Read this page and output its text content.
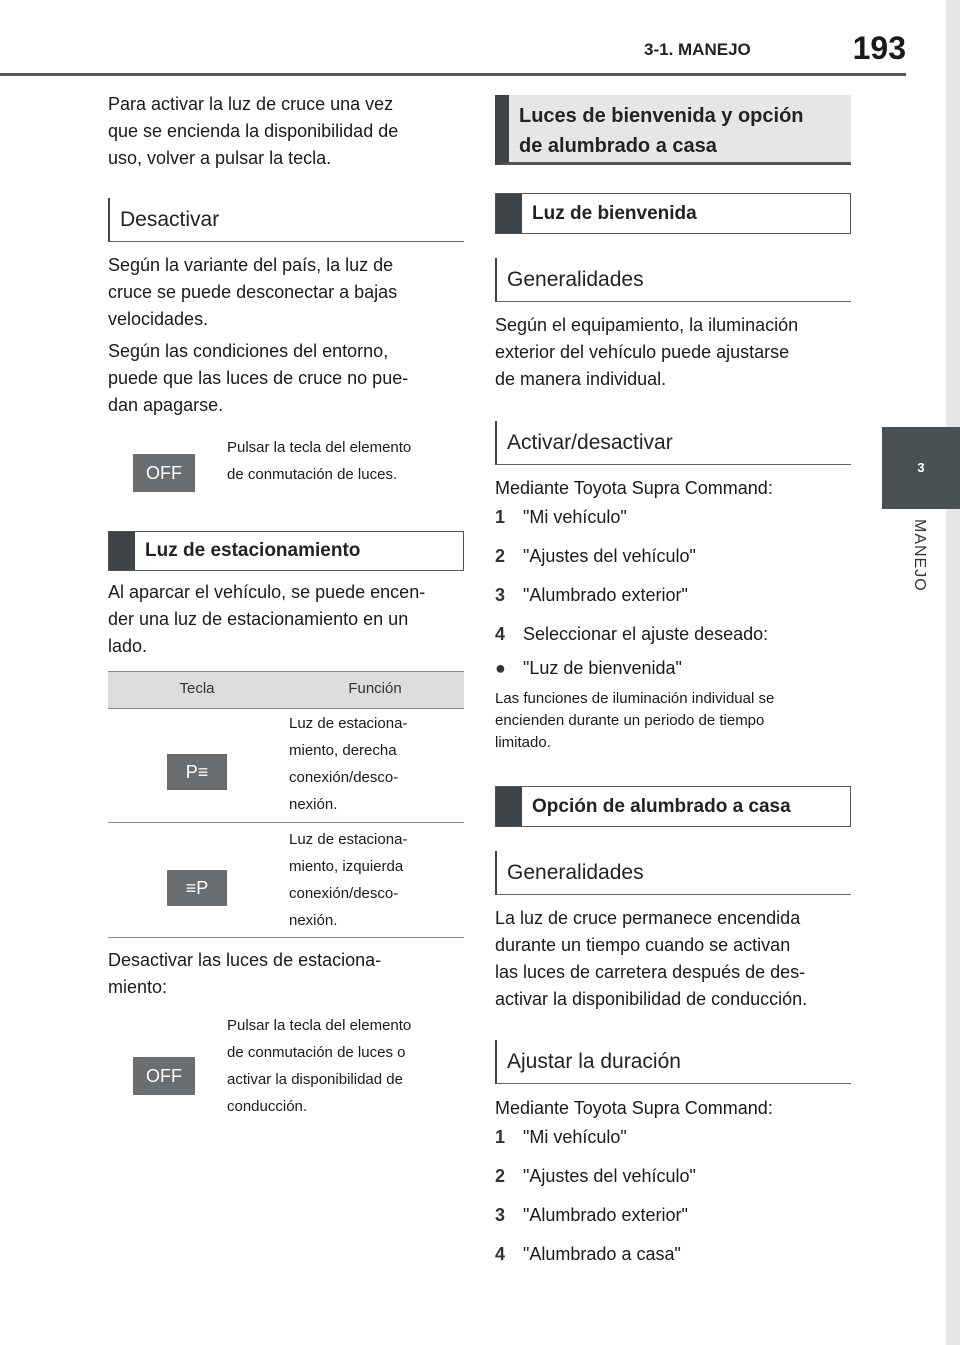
3-1. MANEJO	193
3
MANEJO
Para activar la luz de cruce una vez
que se encienda la disponibilidad de
uso, volver a pulsar la tecla.
Desactivar
Según la variante del país, la luz de
cruce se puede desconectar a bajas
velocidades.
Según las condiciones del entorno,
puede que las luces de cruce no pue-
dan apagarse.
OFF
Pulsar la tecla del elemento
de conmutación de luces.
Luz de estacionamiento
Al aparcar el vehículo, se puede encen-
der una luz de estacionamiento en un
lado.
Tecla	Función
P≡
Luz de estaciona-
miento, derecha
conexión/desco-
nexión.
≡P
Luz de estaciona-
miento, izquierda
conexión/desco-
nexión.
Desactivar las luces de estaciona-
miento:
OFF
Pulsar la tecla del elemento
de conmutación de luces o
activar la disponibilidad de
conducción.
Luces de bienvenida y opción
de alumbrado a casa
Luz de bienvenida
Generalidades
Según el equipamiento, la iluminación
exterior del vehículo puede ajustarse
de manera individual.
Activar/desactivar
Mediante Toyota Supra Command:
1 "Mi vehículo"
2 "Ajustes del vehículo"
3 "Alumbrado exterior"
4 Seleccionar el ajuste deseado:
● "Luz de bienvenida"
Las funciones de iluminación individual se
encienden durante un periodo de tiempo
limitado.
Opción de alumbrado a casa
Generalidades
La luz de cruce permanece encendida
durante un tiempo cuando se activan
las luces de carretera después de des-
activar la disponibilidad de conducción.
Ajustar la duración
Mediante Toyota Supra Command:
1 "Mi vehículo"
2 "Ajustes del vehículo"
3 "Alumbrado exterior"
4 "Alumbrado a casa"
